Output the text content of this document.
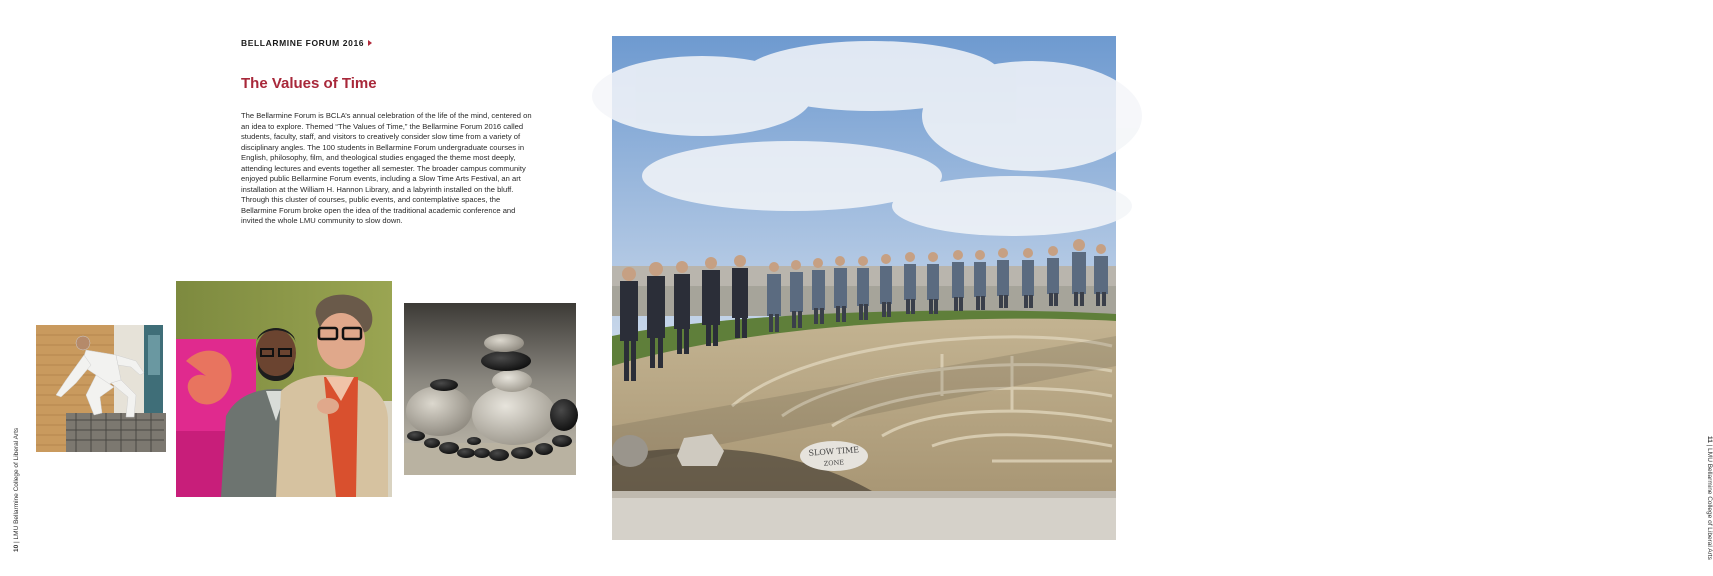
BELLARMINE FORUM 2016
The Values of Time

The Bellarmine Forum is BCLA’s annual celebration of the life of the mind, centered on an idea to explore. Themed “The Values of Time,” the Bellarmine Forum 2016 called students, faculty, staff, and visitors to creatively consider slow time from a variety of disciplinary angles. The 100 students in Bellarmine Forum undergraduate courses in English, philosophy, film, and theological studies engaged the theme most deeply, attending lectures and events together all semester. The broader campus community enjoyed public Bellarmine Forum events, including a Slow Time Arts Festival, an art installation at the William H. Hannon Library, and a labyrinth installed on the bluff. Through this cluster of courses, public events, and contemplative spaces, the Bellarmine Forum broke open the idea of the traditional academic conference and invited the whole LMU community to slow down.

10 | LMU Bellarmine College of Liberal Arts	SLOW TIME
ZONE
11 | LMU Bellarmine College of Liberal Arts
